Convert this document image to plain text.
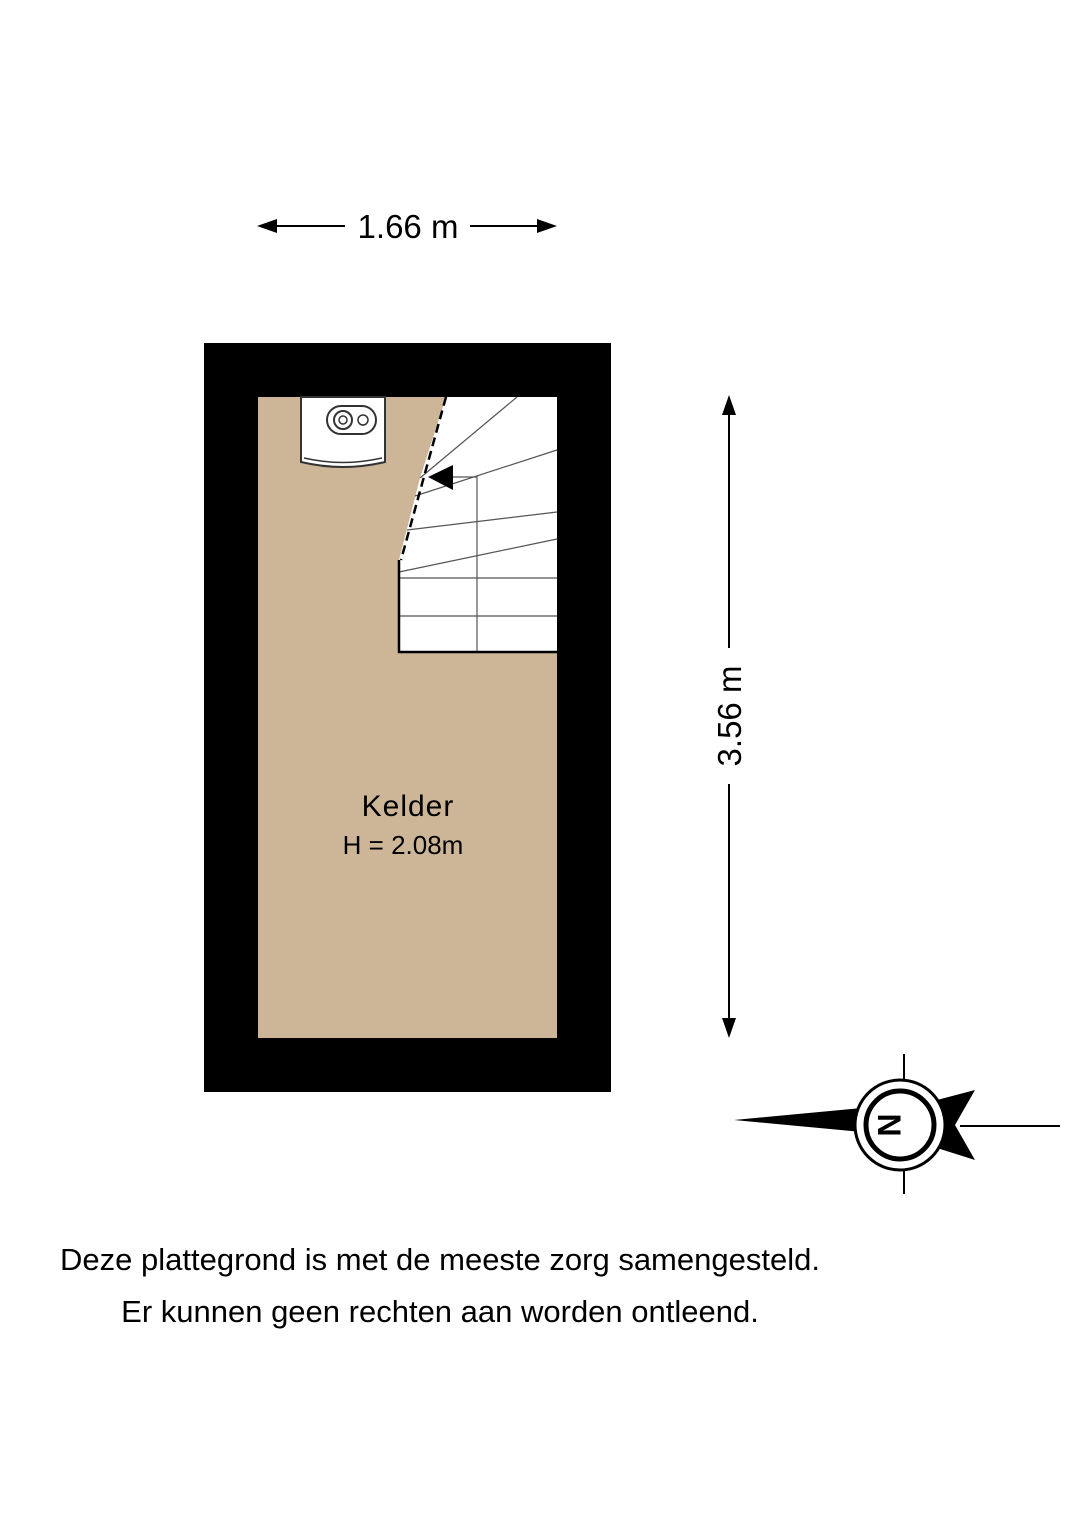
1.66 m
Kelder
H = 2.08m
3.56 m
N
Deze plattegrond is met de meeste zorg samengesteld.
Er kunnen geen rechten aan worden ontleend.
